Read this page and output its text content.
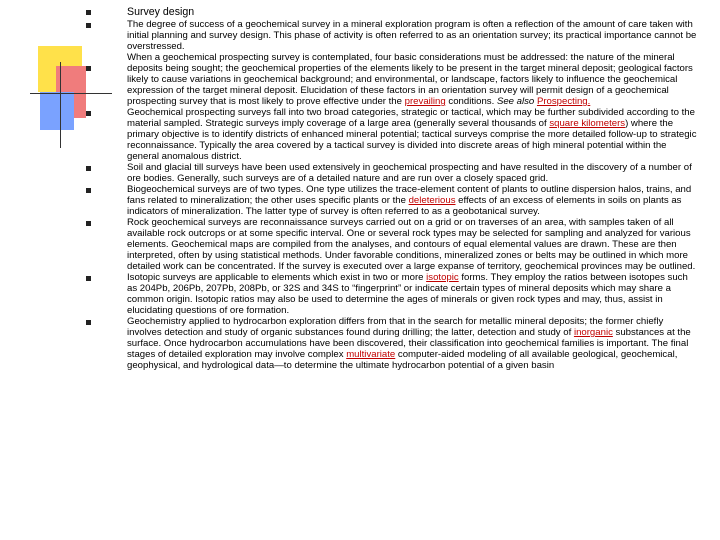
Survey design
The degree of success of a geochemical survey in a mineral exploration program is often a reflection of the amount of care taken with initial planning and survey design. This phase of activity is often referred to as an orientation survey; its practical importance cannot be overstressed.
When a geochemical prospecting survey is contemplated, four basic considerations must be addressed: the nature of the mineral deposits being sought; the geochemical properties of the elements likely to be present in the target mineral deposit; geological factors likely to cause variations in geochemical background; and environmental, or landscape, factors likely to influence the geochemical expression of the target mineral deposit. Elucidation of these factors in an orientation survey will permit design of a geochemical prospecting survey that is most likely to prove effective under the prevailing conditions. See also Prospecting.
Geochemical prospecting surveys fall into two broad categories, strategic or tactical, which may be further subdivided according to the material sampled. Strategic surveys imply coverage of a large area (generally several thousands of square kilometers) where the primary objective is to identify districts of enhanced mineral potential; tactical surveys comprise the more detailed follow-up to strategic reconnaissance. Typically the area covered by a tactical survey is divided into discrete areas of high mineral potential within the general anomalous district.
Soil and glacial till surveys have been used extensively in geochemical prospecting and have resulted in the discovery of a number of ore bodies. Generally, such surveys are of a detailed nature and are run over a closely spaced grid.
Biogeochemical surveys are of two types. One type utilizes the trace-element content of plants to outline dispersion halos, trains, and fans related to mineralization; the other uses specific plants or the deleterious effects of an excess of elements in soils on plants as indicators of mineralization. The latter type of survey is often referred to as a geobotanical survey.
Rock geochemical surveys are reconnaissance surveys carried out on a grid or on traverses of an area, with samples taken of all available rock outcrops or at some specific interval. One or several rock types may be selected for sampling and analyzed for various elements. Geochemical maps are compiled from the analyses, and contours of equal elemental values are drawn. These are then interpreted, often by using statistical methods. Under favorable conditions, mineralized zones or belts may be outlined in which more detailed work can be concentrated. If the survey is executed over a large expanse of territory, geochemical provinces may be outlined.
Isotopic surveys are applicable to elements which exist in two or more isotopic forms. They employ the ratios between isotopes such as 204Pb, 206Pb, 207Pb, 208Pb, or 32S and 34S to “fingerprint” or indicate certain types of mineral deposits which may share a common origin. Isotopic ratios may also be used to determine the ages of minerals or given rock types and may, thus, assist in elucidating questions of ore formation.
Geochemistry applied to hydrocarbon exploration differs from that in the search for metallic mineral deposits; the former chiefly involves detection and study of organic substances found during drilling; the latter, detection and study of inorganic substances at the surface. Once hydrocarbon accumulations have been discovered, their classification into geochemical families is important. The final stages of detailed exploration may involve complex multivariate computer-aided modeling of all available geological, geochemical, geophysical, and hydrological data—to determine the ultimate hydrocarbon potential of a given basin
